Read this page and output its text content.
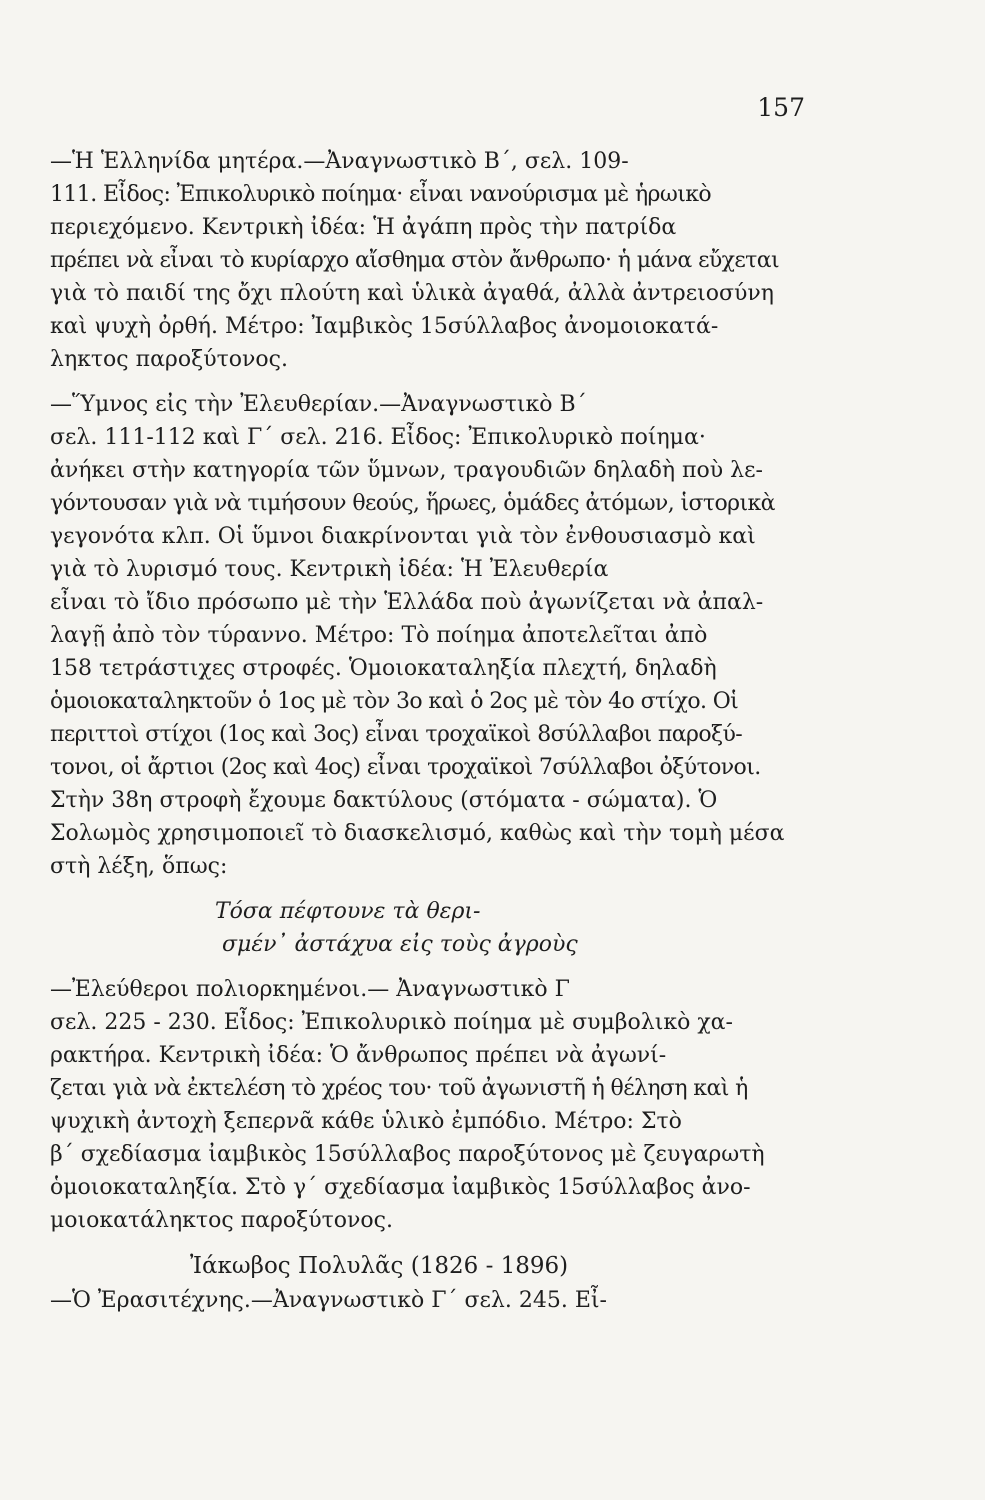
157
—Ἡ Ἑλληνίδα μητέρα.—Ἀναγνωστικὸ Β΄, σελ. 109-
111. Εἶδος: Ἐπικολυρικὸ ποίημα· εἶναι νανούρισμα μὲ ἡρωικὸ
περιεχόμενο. Κεντρικὴ ἰδέα: Ἡ ἀγάπη πρὸς τὴν πατρίδα
πρέπει νὰ εἶναι τὸ κυρίαρχο αἴσθημα στὸν ἄνθρωπο· ἡ μάνα εὔχεται
γιὰ τὸ παιδί της ὄχι πλούτη καὶ ὑλικὰ ἀγαθά, ἀλλὰ ἀντρειοσύνη
καὶ ψυχὴ ὀρθή. Μέτρο: Ἰαμβικὸς 15σύλλαβος ἀνομοιοκατά-
ληκτος παροξύτονος.
—Ὕμνος εἰς τὴν Ἐλευθερίαν.—Ἀναγνωστικὸ Β΄
σελ. 111-112 καὶ Γ΄ σελ. 216. Εἶδος: Ἐπικολυρικὸ ποίημα·
ἀνήκει στὴν κατηγορία τῶν ὕμνων, τραγουδιῶν δηλαδὴ ποὺ λε-
γόντουσαν γιὰ νὰ τιμήσουν θεούς, ἥρωες, ὁμάδες ἀτόμων, ἱστορικὰ
γεγονότα κλπ. Οἱ ὕμνοι διακρίνονται γιὰ τὸν ἐνθουσιασμὸ καὶ
γιὰ τὸ λυρισμό τους. Κεντρικὴ ἰδέα: Ἡ Ἐλευθερία
εἶναι τὸ ἴδιο πρόσωπο μὲ τὴν Ἑλλάδα ποὺ ἀγωνίζεται νὰ ἀπαλ-
λαγῇ ἀπὸ τὸν τύραννο. Μέτρο: Τὸ ποίημα ἀποτελεῖται ἀπὸ
158 τετράστιχες στροφές. Ὁμοιοκαταληξία πλεχτή, δηλαδὴ
ὁμοιοκαταληκτοῦν ὁ 1ος μὲ τὸν 3ο καὶ ὁ 2ος μὲ τὸν 4ο στίχο. Οἱ
περιττοὶ στίχοι (1ος καὶ 3ος) εἶναι τροχαϊκοὶ 8σύλλαβοι παροξύ-
τονοι, οἱ ἄρτιοι (2ος καὶ 4ος) εἶναι τροχαϊκοὶ 7σύλλαβοι ὀξύτονοι.
Στὴν 38η στροφὴ ἔχουμε δακτύλους (στόματα - σώματα). Ὁ
Σολωμὸς χρησιμοποιεῖ τὸ διασκελισμό, καθὼς καὶ τὴν τομὴ μέσα
στὴ λέξη, ὅπως:
Τόσα πέφτουνε τὰ θερι-
σμέν᾽ ἀστάχυα εἰς τοὺς ἀγροὺς
—Ἐλεύθεροι πολιορκημένοι.— Ἀναγνωστικὸ Γ
σελ. 225 - 230. Εἶδος: Ἐπικολυρικὸ ποίημα μὲ συμβολικὸ χα-
ρακτήρα. Κεντρικὴ ἰδέα: Ὁ ἄνθρωπος πρέπει νὰ ἀγωνί-
ζεται γιὰ νὰ ἐκτελέση τὸ χρέος του· τοῦ ἀγωνιστῆ ἡ θέληση καὶ ἡ
ψυχικὴ ἀντοχὴ ξεπερνᾶ κάθε ὑλικὸ ἐμπόδιο. Μέτρο: Στὸ
β΄ σχεδίασμα ἰαμβικὸς 15σύλλαβος παροξύτονος μὲ ζευγαρωτὴ
ὁμοιοκαταληξία. Στὸ γ΄ σχεδίασμα ἰαμβικὸς 15σύλλαβος ἀνο-
μοιοκατάληκτος παροξύτονος.
Ἰάκωβος Πολυλᾶς (1826 - 1896)
—Ὁ Ἐρασιτέχνης.—Ἀναγνωστικὸ Γ΄ σελ. 245. Εἶ-
